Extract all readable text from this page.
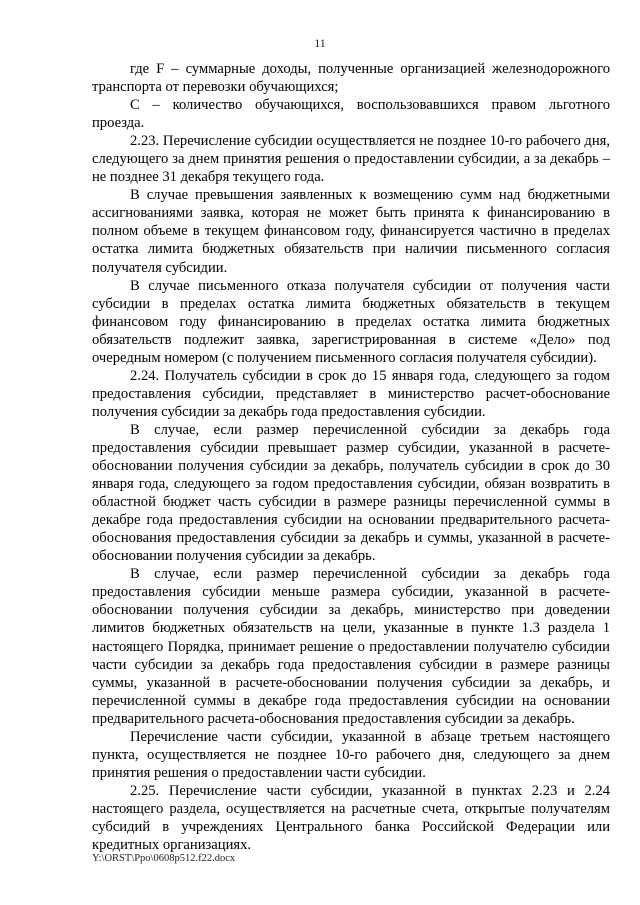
11

где F – суммарные доходы, полученные организацией железнодорожного транспорта от перевозки обучающихся;

С – количество обучающихся, воспользовавшихся правом льготного проезда.

2.23. Перечисление субсидии осуществляется не позднее 10-го рабочего дня, следующего за днем принятия решения о предоставлении субсидии, а за декабрь – не позднее 31 декабря текущего года.

В случае превышения заявленных к возмещению сумм над бюджетными ассигнованиями заявка, которая не может быть принята к финансированию в полном объеме в текущем финансовом году, финансируется частично в пределах остатка лимита бюджетных обязательств при наличии письменного согласия получателя субсидии.

В случае письменного отказа получателя субсидии от получения части субсидии в пределах остатка лимита бюджетных обязательств в текущем финансовом году финансированию в пределах остатка лимита бюджетных обязательств подлежит заявка, зарегистрированная в системе «Дело» под очередным номером (с получением письменного согласия получателя субсидии).

2.24. Получатель субсидии в срок до 15 января года, следующего за годом предоставления субсидии, представляет в министерство расчет-обоснование получения субсидии за декабрь года предоставления субсидии.

В случае, если размер перечисленной субсидии за декабрь года предоставления субсидии превышает размер субсидии, указанной в расчете-обосновании получения субсидии за декабрь, получатель субсидии в срок до 30 января года, следующего за годом предоставления субсидии, обязан возвратить в областной бюджет часть субсидии в размере разницы перечисленной суммы в декабре года предоставления субсидии на основании предварительного расчета-обоснования предоставления субсидии за декабрь и суммы, указанной в расчете-обосновании получения субсидии за декабрь.

В случае, если размер перечисленной субсидии за декабрь года предоставления субсидии меньше размера субсидии, указанной в расчете-обосновании получения субсидии за декабрь, министерство при доведении лимитов бюджетных обязательств на цели, указанные в пункте 1.3 раздела 1 настоящего Порядка, принимает решение о предоставлении получателю субсидии части субсидии за декабрь года предоставления субсидии в размере разницы суммы, указанной в расчете-обосновании получения субсидии за декабрь, и перечисленной суммы в декабре года предоставления субсидии на основании предварительного расчета-обоснования предоставления субсидии за декабрь.

Перечисление части субсидии, указанной в абзаце третьем настоящего пункта, осуществляется не позднее 10-го рабочего дня, следующего за днем принятия решения о предоставлении части субсидии.

2.25. Перечисление части субсидии, указанной в пунктах 2.23 и 2.24 настоящего раздела, осуществляется на расчетные счета, открытые получателям субсидий в учреждениях Центрального банка Российской Федерации или кредитных организациях.

Y:\ORST\Ppo\0608p512.f22.docx
